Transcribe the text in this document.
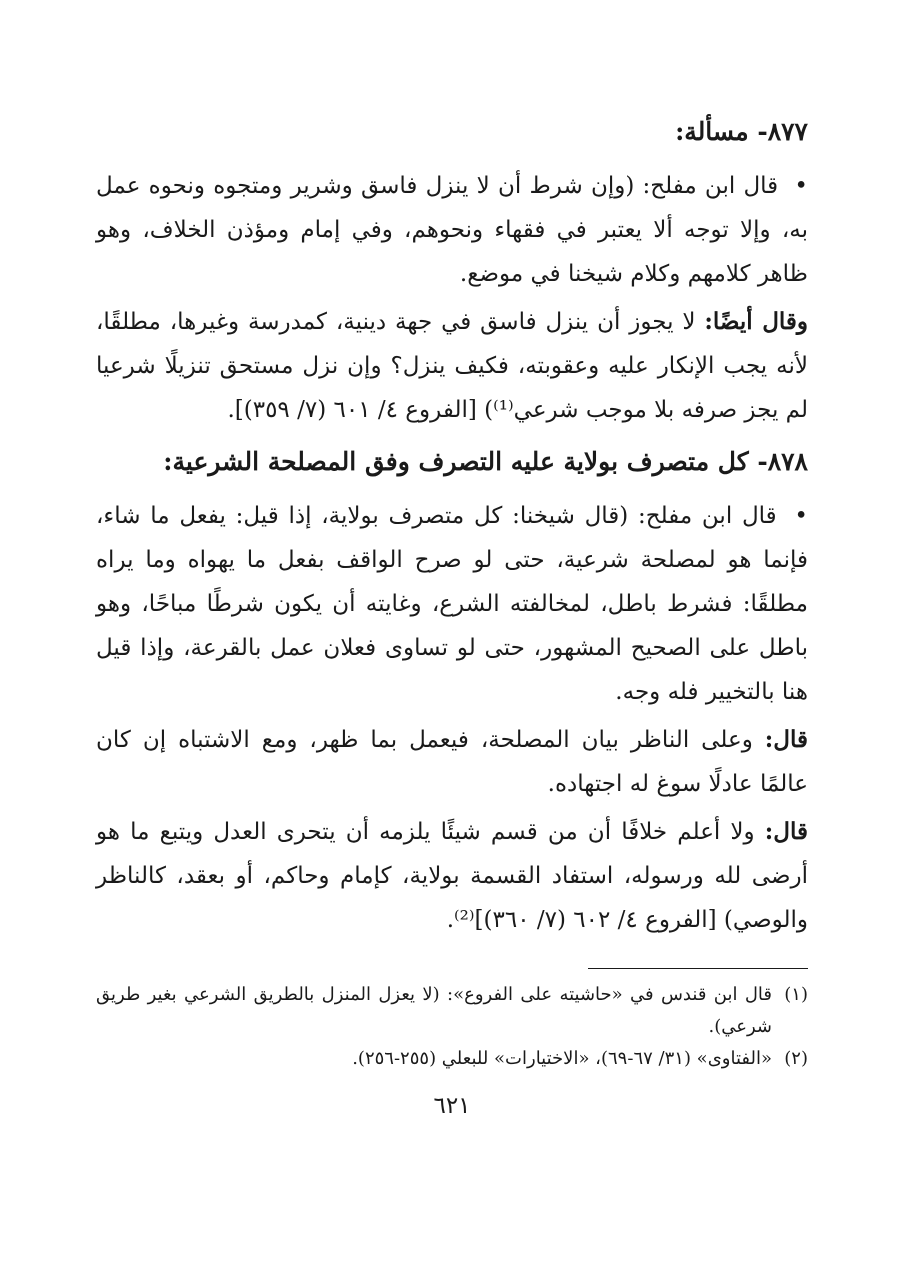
٨٧٧- مسألة:

• قال ابن مفلح: (وإن شرط أن لا ينزل فاسق وشرير ومتجوه ونحوه عمل به، وإلا توجه ألا يعتبر في فقهاء ونحوهم، وفي إمام ومؤذن الخلاف، وهو ظاهر كلامهم وكلام شيخنا في موضع.

وقال أيضًا: لا يجوز أن ينزل فاسق في جهة دينية، كمدرسة وغيرها، مطلقًا، لأنه يجب الإنكار عليه وعقوبته، فكيف ينزل؟ وإن نزل مستحق تنزيلًا شرعيا لم يجز صرفه بلا موجب شرعي⁽¹⁾) [الفروع ٤/ ٦٠١ (٧/ ٣٥٩)].

٨٧٨- كل متصرف بولاية عليه التصرف وفق المصلحة الشرعية:

• قال ابن مفلح: (قال شيخنا: كل متصرف بولاية، إذا قيل: يفعل ما شاء، فإنما هو لمصلحة شرعية، حتى لو صرح الواقف بفعل ما يهواه وما يراه مطلقًا: فشرط باطل، لمخالفته الشرع، وغايته أن يكون شرطًا مباحًا، وهو باطل على الصحيح المشهور، حتى لو تساوى فعلان عمل بالقرعة، وإذا قيل هنا بالتخيير فله وجه.

قال: وعلى الناظر بيان المصلحة، فيعمل بما ظهر، ومع الاشتباه إن كان عالمًا عادلًا سوغ له اجتهاده.

قال: ولا أعلم خلافًا أن من قسم شيئًا يلزمه أن يتحرى العدل ويتبع ما هو أرضى لله ورسوله، استفاد القسمة بولاية، كإمام وحاكم، أو بعقد، كالناظر والوصي) [الفروع ٤/ ٦٠٢ (٧/ ٣٦٠)]⁽²⁾.

(١)
قال ابن قندس في «حاشيته على الفروع»: (لا يعزل المنزل بالطريق الشرعي بغير طريق شرعي).
(٢)
«الفتاوى» (٣١/ ٦٧-٦٩)، «الاختيارات» للبعلي (٢٥٥-٢٥٦).
٦٢١
